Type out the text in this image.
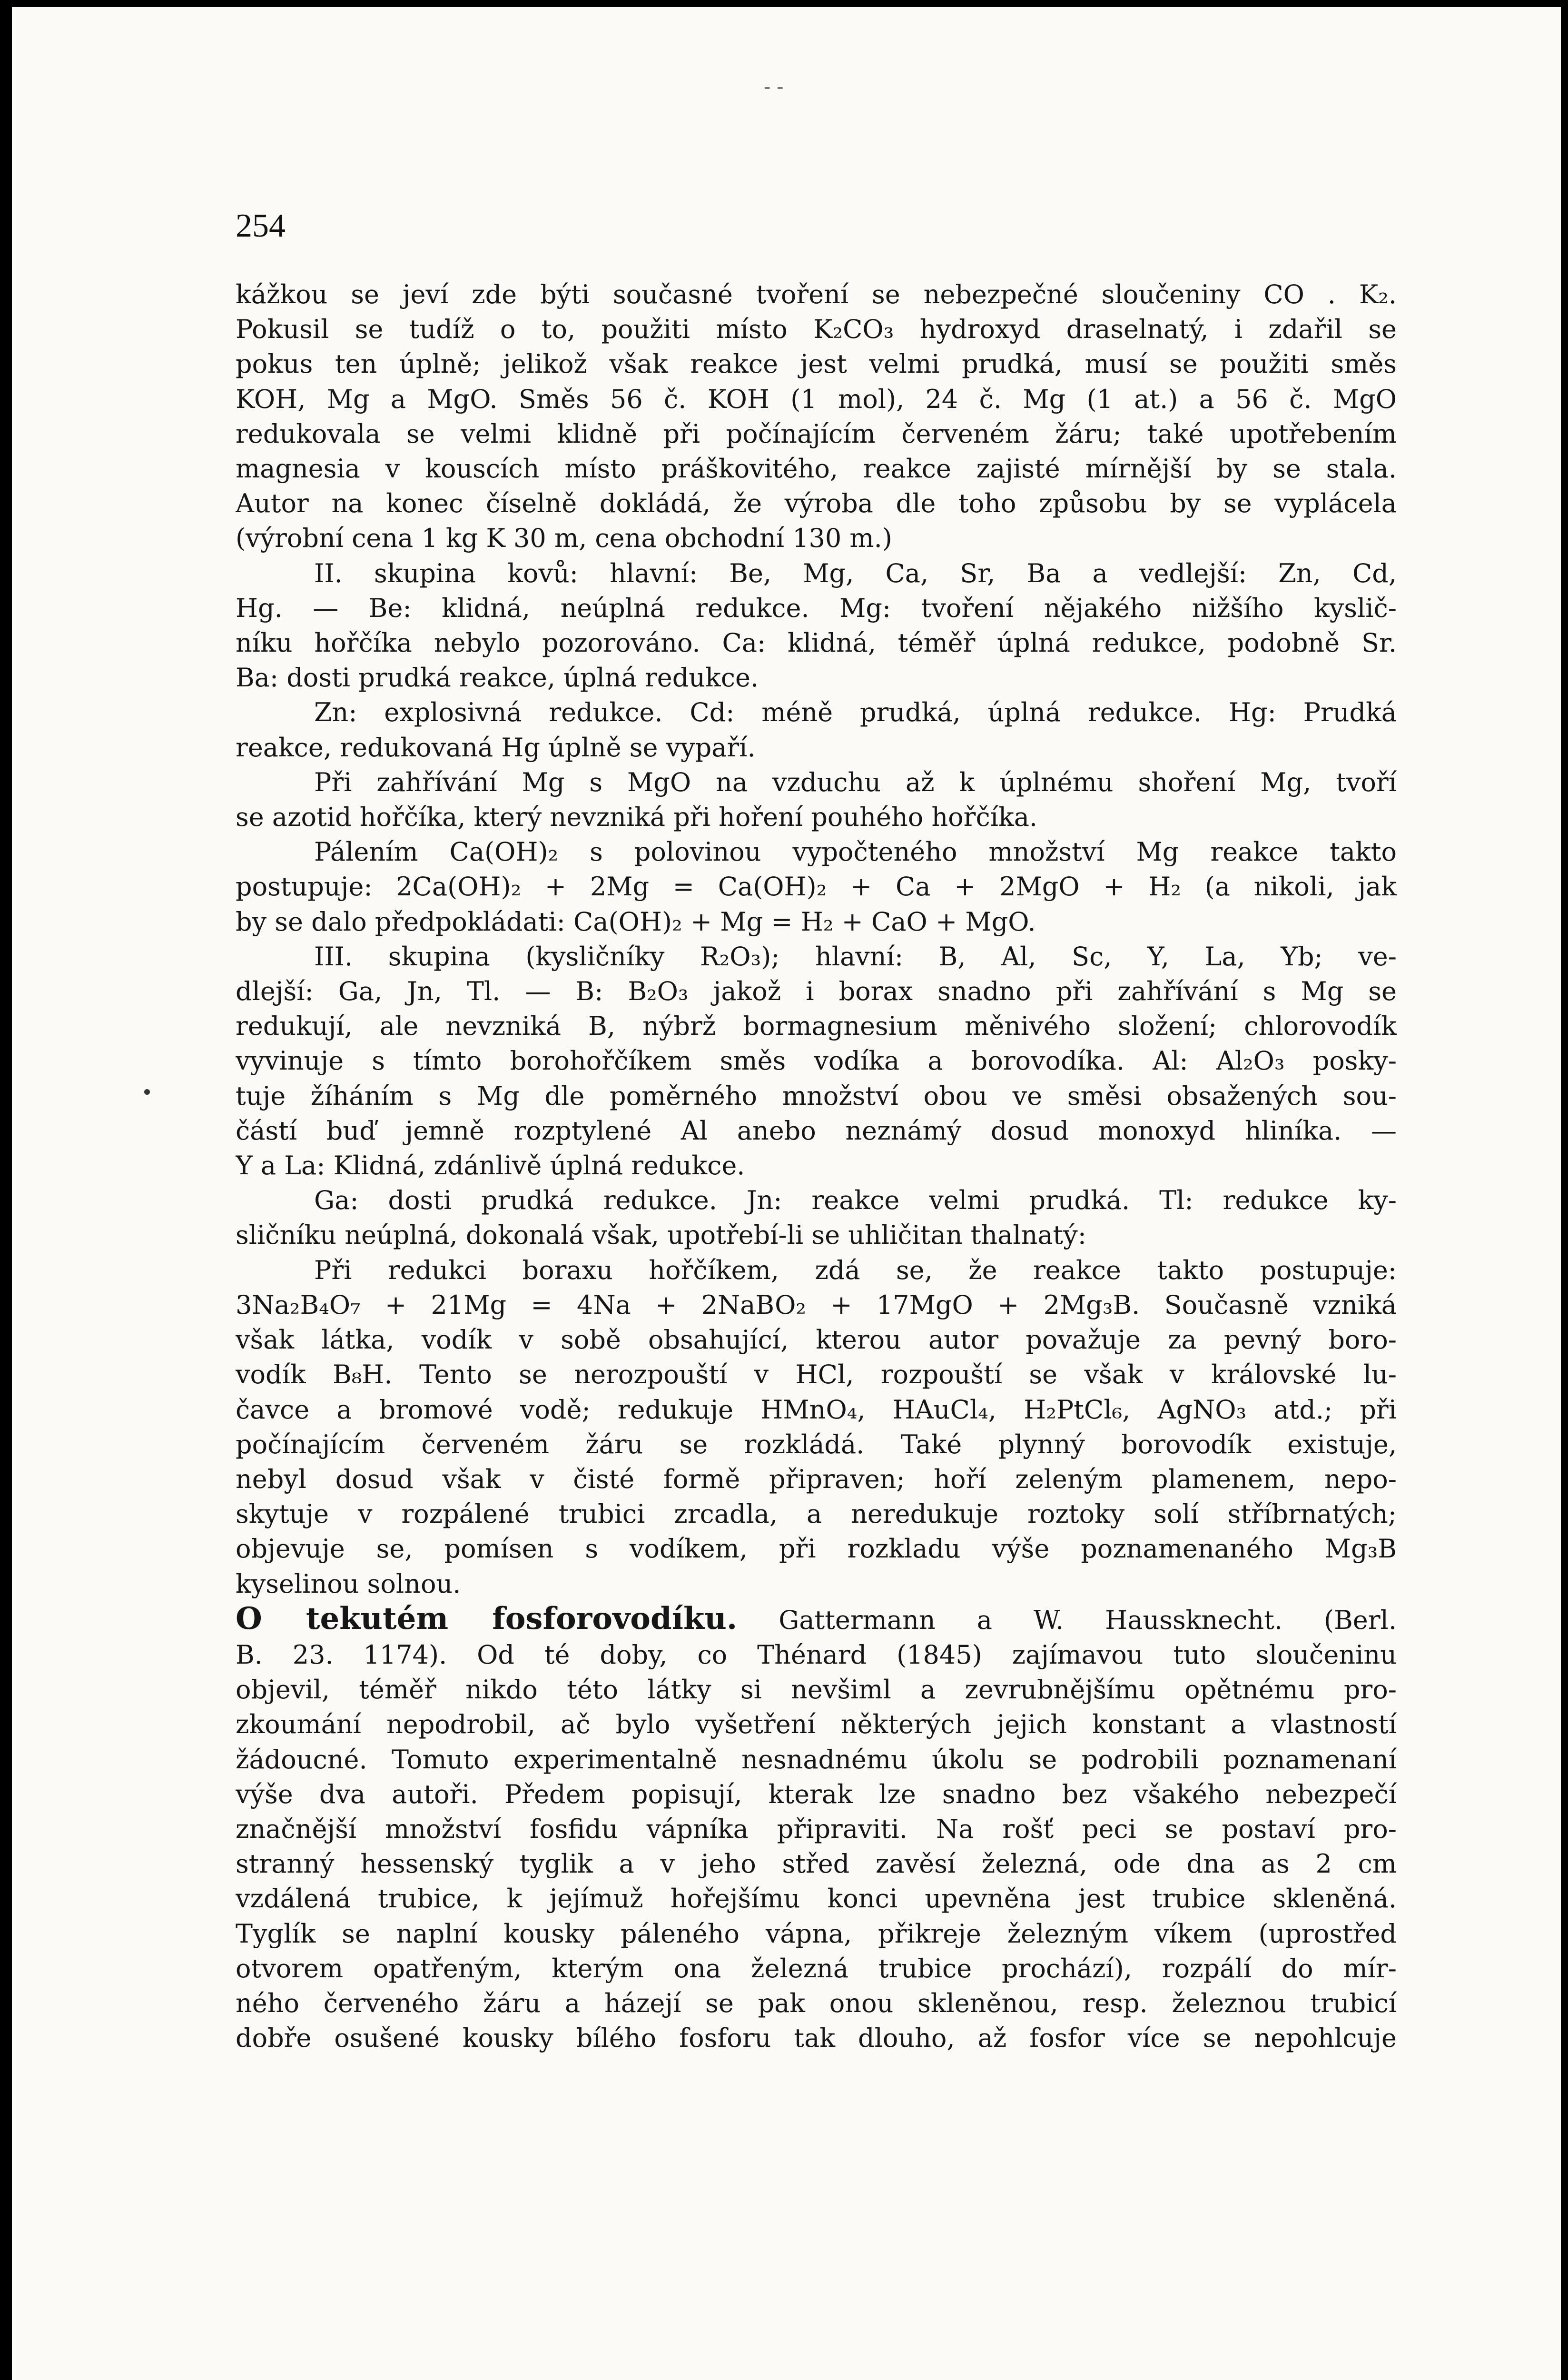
‐ ‑
254
kážkou se jeví zde býti současné tvoření se nebezpečné sloučeniny CO . K₂.
Pokusil se tudíž o to, použiti místo K₂CO₃ hydroxyd draselnatý, i zdařil se
pokus ten úplně; jelikož však reakce jest velmi prudká, musí se použiti směs
KOH, Mg a MgO. Směs 56 č. KOH (1 mol), 24 č. Mg (1 at.) a 56 č. MgO
redukovala se velmi klidně při počínajícím červeném žáru; také upotřebením
magnesia v kouscích místo práškovitého, reakce zajisté mírnější by se stala.
Autor na konec číselně dokládá, že výroba dle toho způsobu by se vyplácela
(výrobní cena 1 kg K 30 m, cena obchodní 130 m.)
II. skupina kovů: hlavní: Be, Mg, Ca, Sr, Ba a vedlejší: Zn, Cd,
Hg. — Be: klidná, neúplná redukce. Mg: tvoření nějakého nižšího kyslič-
níku hořčíka nebylo pozorováno. Ca: klidná, téměř úplná redukce, podobně Sr.
Ba: dosti prudká reakce, úplná redukce.
Zn: explosivná redukce. Cd: méně prudká, úplná redukce. Hg: Prudká
reakce, redukovaná Hg úplně se vypaří.
Při zahřívání Mg s MgO na vzduchu až k úplnému shoření Mg, tvoří
se azotid hořčíka, který nevzniká při hoření pouhého hořčíka.
Pálením Ca(OH)₂ s polovinou vypočteného množství Mg reakce takto
postupuje: 2Ca(OH)₂ + 2Mg = Ca(OH)₂ + Ca + 2MgO + H₂ (a nikoli, jak
by se dalo předpokládati: Ca(OH)₂ + Mg = H₂ + CaO + MgO.
III. skupina (kysličníky R₂O₃); hlavní: B, Al, Sc, Y, La, Yb; ve-
dlejší: Ga, Jn, Tl. — B: B₂O₃ jakož i borax snadno při zahřívání s Mg se
redukují, ale nevzniká B, nýbrž bormagnesium měnivého složení; chlorovodík
vyvinuje s tímto borohořčíkem směs vodíka a borovodíka. Al: Al₂O₃ posky-
tuje žíháním s Mg dle poměrného množství obou ve směsi obsažených sou-
částí buď jemně rozptylené Al anebo neznámý dosud monoxyd hliníka. —
Y a La: Klidná, zdánlivě úplná redukce.
Ga: dosti prudká redukce. Jn: reakce velmi prudká. Tl: redukce ky-
sličníku neúplná, dokonalá však, upotřebí-li se uhličitan thalnatý:
Při redukci boraxu hořčíkem, zdá se, že reakce takto postupuje:
3Na₂B₄O₇ + 21Mg = 4Na + 2NaBO₂ + 17MgO + 2Mg₃B. Současně vzniká
však látka, vodík v sobě obsahující, kterou autor považuje za pevný boro-
vodík B₈H. Tento se nerozpouští v HCl, rozpouští se však v královské lu-
čavce a bromové vodě; redukuje HMnO₄, HAuCl₄, H₂PtCl₆, AgNO₃ atd.; při
počínajícím červeném žáru se rozkládá. Také plynný borovodík existuje,
nebyl dosud však v čisté formě připraven; hoří zeleným plamenem, nepo-
skytuje v rozpálené trubici zrcadla, a neredukuje roztoky solí stříbrnatých;
objevuje se, pomísen s vodíkem, při rozkladu výše poznamenaného Mg₃B
kyselinou solnou.
O tekutém fosforovodíku. Gattermann a W. Haussknecht. (Berl.
B. 23. 1174). Od té doby, co Thénard (1845) zajímavou tuto sloučeninu
objevil, téměř nikdo této látky si nevšiml a zevrubnějšímu opětnému pro-
zkoumání nepodrobil, ač bylo vyšetření některých jejich konstant a vlastností
žádoucné. Tomuto experimentalně nesnadnému úkolu se podrobili poznamenaní
výše dva autoři. Předem popisují, kterak lze snadno bez všakého nebezpečí
značnější množství fosfidu vápníka připraviti. Na rošť peci se postaví pro-
stranný hessenský tyglik a v jeho střed zavěsí železná, ode dna as 2 cm
vzdálená trubice, k jejímuž hořejšímu konci upevněna jest trubice skleněná.
Tyglík se naplní kousky páleného vápna, přikreje železným víkem (uprostřed
otvorem opatřeným, kterým ona železná trubice prochází), rozpálí do mír-
ného červeného žáru a házejí se pak onou skleněnou, resp. železnou trubicí
dobře osušené kousky bílého fosforu tak dlouho, až fosfor více se nepohlcuje
